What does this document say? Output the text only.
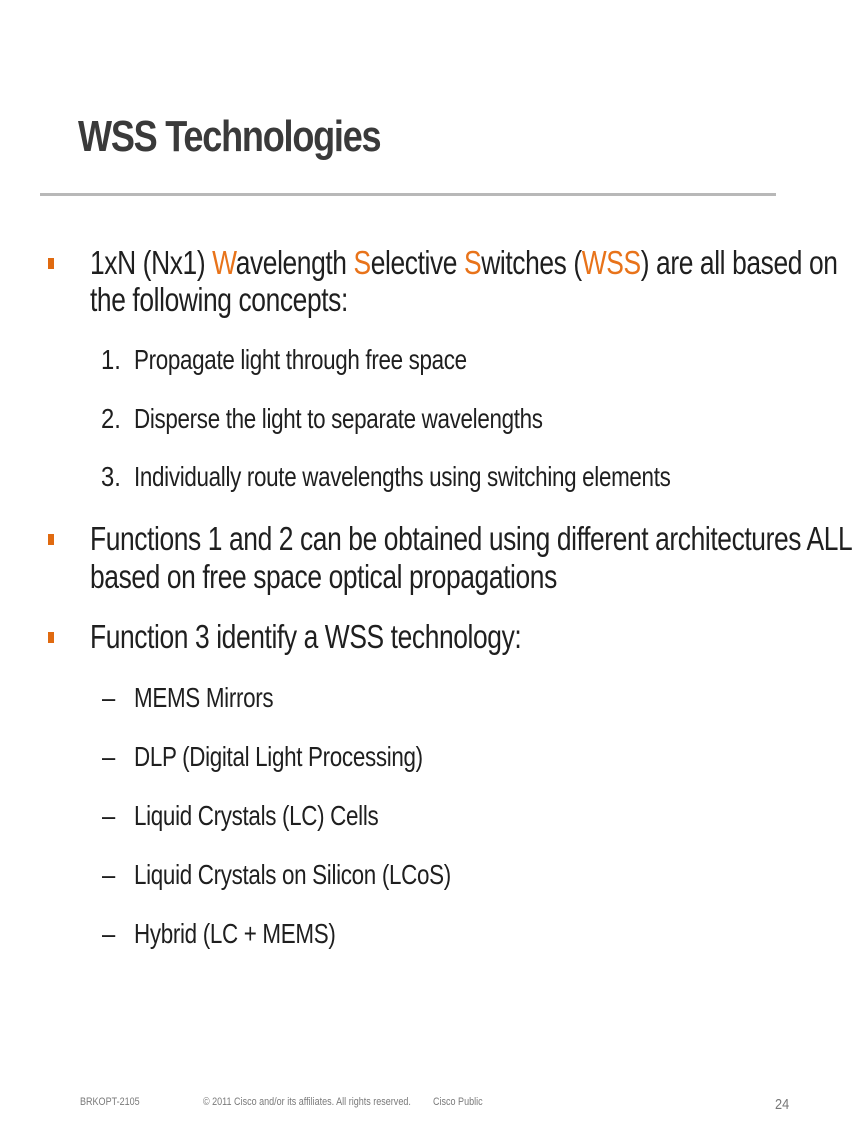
WSS Technologies
1xN (Nx1) Wavelength Selective Switches (WSS) are all based on
the following concepts:
1. Propagate light through free space
2. Disperse the light to separate wavelengths
3. Individually route wavelengths using switching elements
Functions 1 and 2 can be obtained using different architectures ALL
based on free space optical propagations
Function 3 identify a WSS technology:
– MEMS Mirrors
– DLP (Digital Light Processing)
– Liquid Crystals (LC) Cells
– Liquid Crystals on Silicon (LCoS)
– Hybrid (LC + MEMS)
BRKOPT-2105	© 2011 Cisco and/or its affiliates. All rights reserved. Cisco Public	24
